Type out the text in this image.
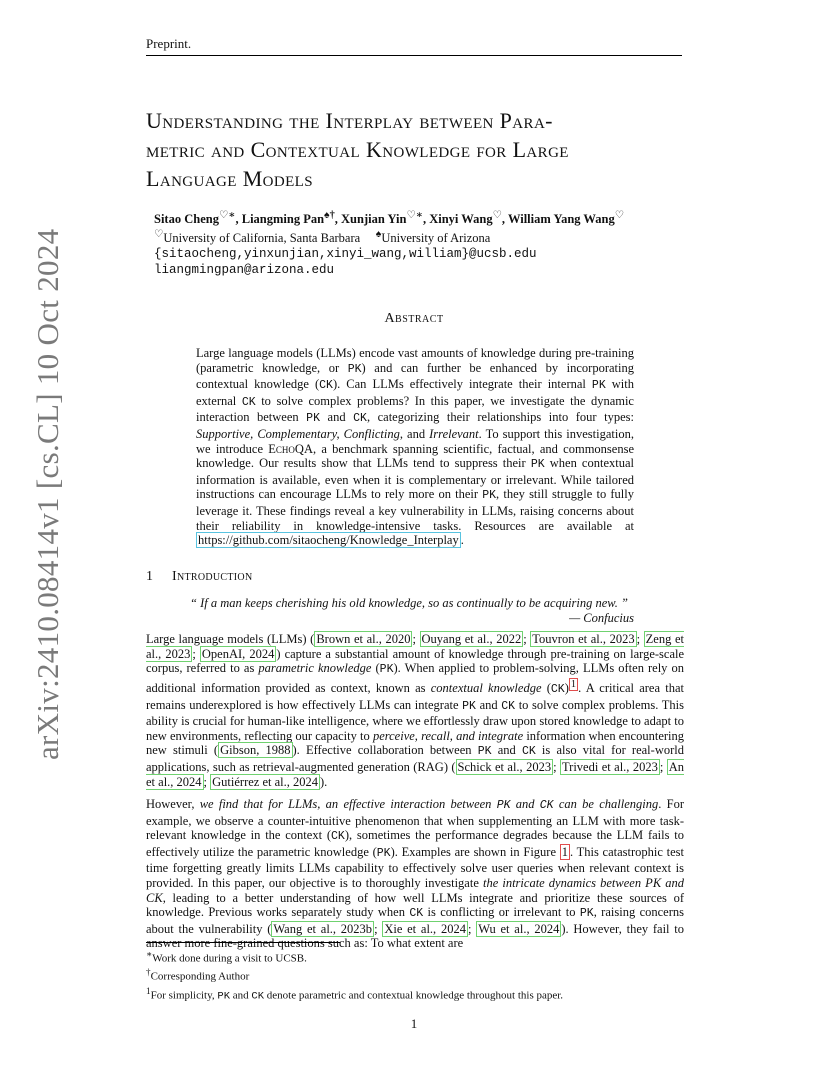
Preprint.
arXiv:2410.08414v1 [cs.CL] 10 Oct 2024
Understanding the Interplay between Para-
metric and Contextual Knowledge for Large
Language Models
Sitao Cheng♡∗, Liangming Pan♠†, Xunjian Yin♡∗, Xinyi Wang♡, William Yang Wang♡
♡University of California, Santa Barbara ♠University of Arizona
{sitaocheng,yinxunjian,xinyi_wang,william}@ucsb.edu
liangmingpan@arizona.edu
Abstract
Large language models (LLMs) encode vast amounts of knowledge during pre-training (parametric knowledge, or PK) and can further be enhanced by incorporating contextual knowledge (CK). Can LLMs effectively integrate their internal PK with external CK to solve complex problems? In this paper, we investigate the dynamic interaction between PK and CK, categorizing their relationships into four types: Supportive, Complementary, Conflicting, and Irrelevant. To support this investigation, we introduce EchoQA, a benchmark spanning scientific, factual, and commonsense knowledge. Our results show that LLMs tend to suppress their PK when contextual information is available, even when it is complementary or irrelevant. While tailored instructions can encourage LLMs to rely more on their PK, they still struggle to fully leverage it. These findings reveal a key vulnerability in LLMs, raising concerns about their reliability in knowledge-intensive tasks. Resources are available at https://github.com/sitaocheng/Knowledge_Interplay .
1 Introduction
“ If a man keeps cherishing his old knowledge, so as continually to be acquiring new. ”
— Confucius

Large language models (LLMs) ( Brown et al., 2020 ; Ouyang et al., 2022 ; Touvron et al., 2023 ; Zeng et al., 2023 ; OpenAI, 2024 ) capture a substantial amount of knowledge through pre-training on large-scale corpus, referred to as parametric knowledge (PK). When applied to problem-solving, LLMs often rely on additional information provided as context, known as contextual knowledge (CK) $^1$ . A critical area that remains underexplored is how effectively LLMs can integrate PK and CK to solve complex problems. This ability is crucial for human-like intelligence, where we effortlessly draw upon stored knowledge to adapt to new environments, reflecting our capacity to perceive, recall, and integrate information when encountering new stimuli ( Gibson, 1988 ). Effective collaboration between PK and CK is also vital for real-world applications, such as retrieval-augmented generation (RAG) ( Schick et al., 2023 ; Trivedi et al., 2023 ; An et al., 2024 ; Gutiérrez et al., 2024 ).

However, we find that for LLMs, an effective interaction between PK and CK can be challenging. For example, we observe a counter-intuitive phenomenon that when supplementing an LLM with more task-relevant knowledge in the context (CK), sometimes the performance degrades because the LLM fails to effectively utilize the parametric knowledge (PK). Examples are shown in Figure 1 . This catastrophic test time forgetting greatly limits LLMs capability to effectively solve user queries when relevant context is provided. In this paper, our objective is to thoroughly investigate the intricate dynamics between PK and CK, leading to a better understanding of how well LLMs integrate and prioritize these sources of knowledge. Previous works separately study when CK is conflicting or irrelevant to PK, raising concerns about the vulnerability ( Wang et al., 2023b ; Xie et al., 2024 ; Wu et al., 2024 ). However, they fail to answer more fine-grained questions such as: To what extent are

∗Work done during a visit to UCSB.
†Corresponding Author
$^1$For simplicity, PK and CK denote parametric and contextual knowledge throughout this paper.
1
